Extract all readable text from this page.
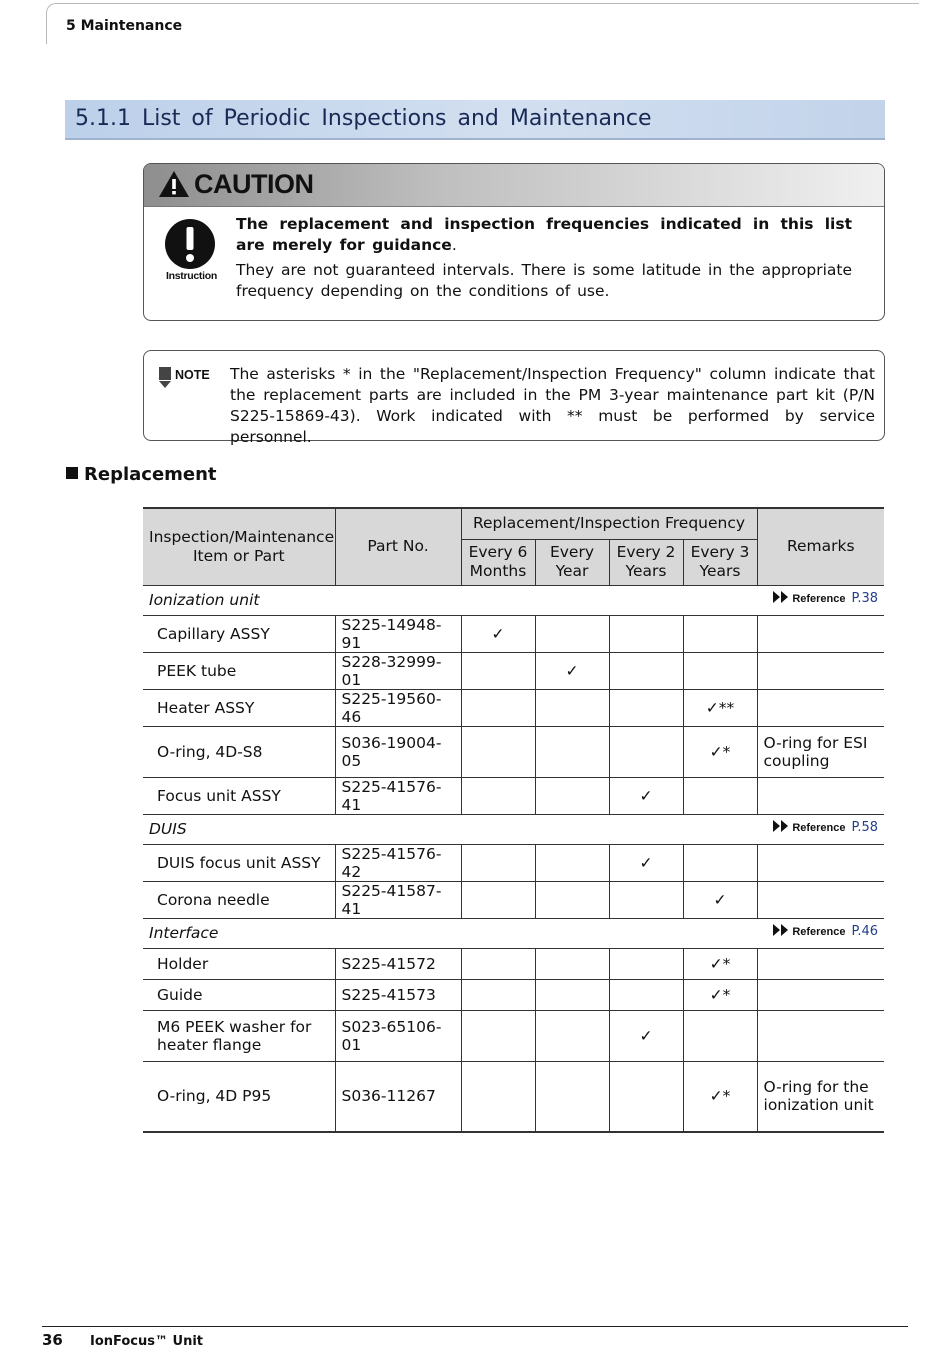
5 Maintenance
5.1.1 List of Periodic Inspections and Maintenance
CAUTION
Instruction

The replacement and inspection frequencies indicated in this list are merely for guidance.

They are not guaranteed intervals. There is some latitude in the appropriate frequency depending on the conditions of use.

NOTE The asterisks * in the "Replacement/Inspection Frequency" column indicate that the replacement parts are included in the PM 3-year maintenance part kit (P/N S225-15869-43). Work indicated with ** must be performed by service personnel.
Replacement
Inspection/Maintenance Item or Part	Part No.	Replacement/Inspection Frequency				Remarks
		Every 6 Months	Every Year	Every 2 Years	Every 3 Years	
Ionization unit Reference P.38						

Capillary ASSY	S225-14948-91	✓				
PEEK tube	S228-32999-01		✓			
Heater ASSY	S225-19560-46				✓**	
O-ring, 4D-S8	S036-19004-05				✓*	O-ring for ESI coupling
Focus unit ASSY	S225-41576-41			✓		
DUIS Reference P.58						

DUIS focus unit ASSY	S225-41576-42			✓		
Corona needle	S225-41587-41				✓	
Interface Reference P.46						

Holder	S225-41572				✓*	
Guide	S225-41573				✓*	
M6 PEEK washer for heater flange	S023-65106-01			✓		
O-ring, 4D P95	S036-11267				✓*	O-ring for the ionization unit
36 IonFocus™ Unit
